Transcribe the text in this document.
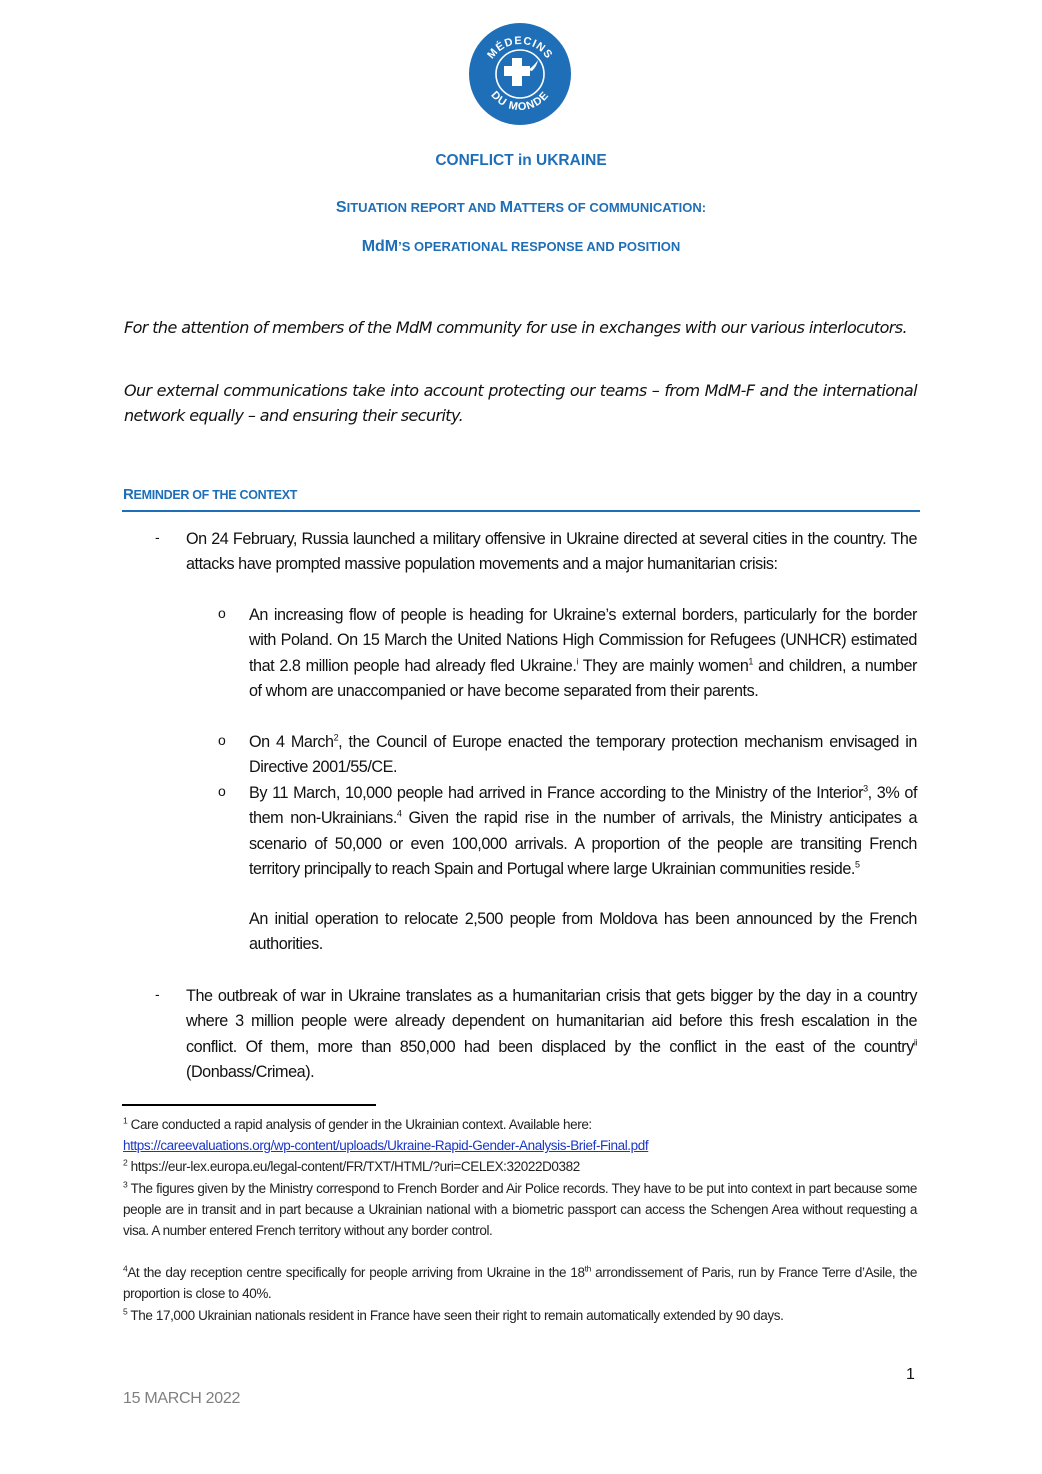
MÉDECINS
DU MONDE
CONFLICT in UKRAINE
SITUATION REPORT AND MATTERS OF COMMUNICATION:
MdM’S OPERATIONAL RESPONSE AND POSITION
For the attention of members of the MdM community for use in exchanges with our various interlocutors.
Our external communications take into account protecting our teams – from MdM-F and the international network equally – and ensuring their security.
REMINDER OF THE CONTEXT
- On 24 February, Russia launched a military offensive in Ukraine directed at several cities in the country. The attacks have prompted massive population movements and a major humanitarian crisis:
o An increasing flow of people is heading for Ukraine’s external borders, particularly for the border with Poland. On 15 March the United Nations High Commission for Refugees (UNHCR) estimated that 2.8 million people had already fled Ukraine.$^i$ They are mainly women$^1$ and children, a number of whom are unaccompanied or have become separated from their parents.
o On 4 March$^2$, the Council of Europe enacted the temporary protection mechanism envisaged in Directive 2001/55/CE.
o By 11 March, 10,000 people had arrived in France according to the Ministry of the Interior$^3$, 3% of them non-Ukrainians.$^4$ Given the rapid rise in the number of arrivals, the Ministry anticipates a scenario of 50,000 or even 100,000 arrivals. A proportion of the people are transiting French territory principally to reach Spain and Portugal where large Ukrainian communities reside.$^5$
An initial operation to relocate 2,500 people from Moldova has been announced by the French authorities.
- The outbreak of war in Ukraine translates as a humanitarian crisis that gets bigger by the day in a country where 3 million people were already dependent on humanitarian aid before this fresh escalation in the conflict. Of them, more than 850,000 had been displaced by the conflict in the east of the country$^{ii}$ (Donbass/Crimea).
$^1$ Care conducted a rapid analysis of gender in the Ukrainian context. Available here:
https://careevaluations.org/wp-content/uploads/Ukraine-Rapid-Gender-Analysis-Brief-Final.pdf
$^2$ https://eur-lex.europa.eu/legal-content/FR/TXT/HTML/?uri=CELEX:32022D0382
$^3$ The figures given by the Ministry correspond to French Border and Air Police records. They have to be put into context in part because some people are in transit and in part because a Ukrainian national with a biometric passport can access the Schengen Area without requesting a visa. A number entered French territory without any border control.
$^4$At the day reception centre specifically for people arriving from Ukraine in the 18th arrondissement of Paris, run by France Terre d’Asile, the proportion is close to 40%.
$^5$ The 17,000 Ukrainian nationals resident in France have seen their right to remain automatically extended by 90 days.
1
15 MARCH 2022
